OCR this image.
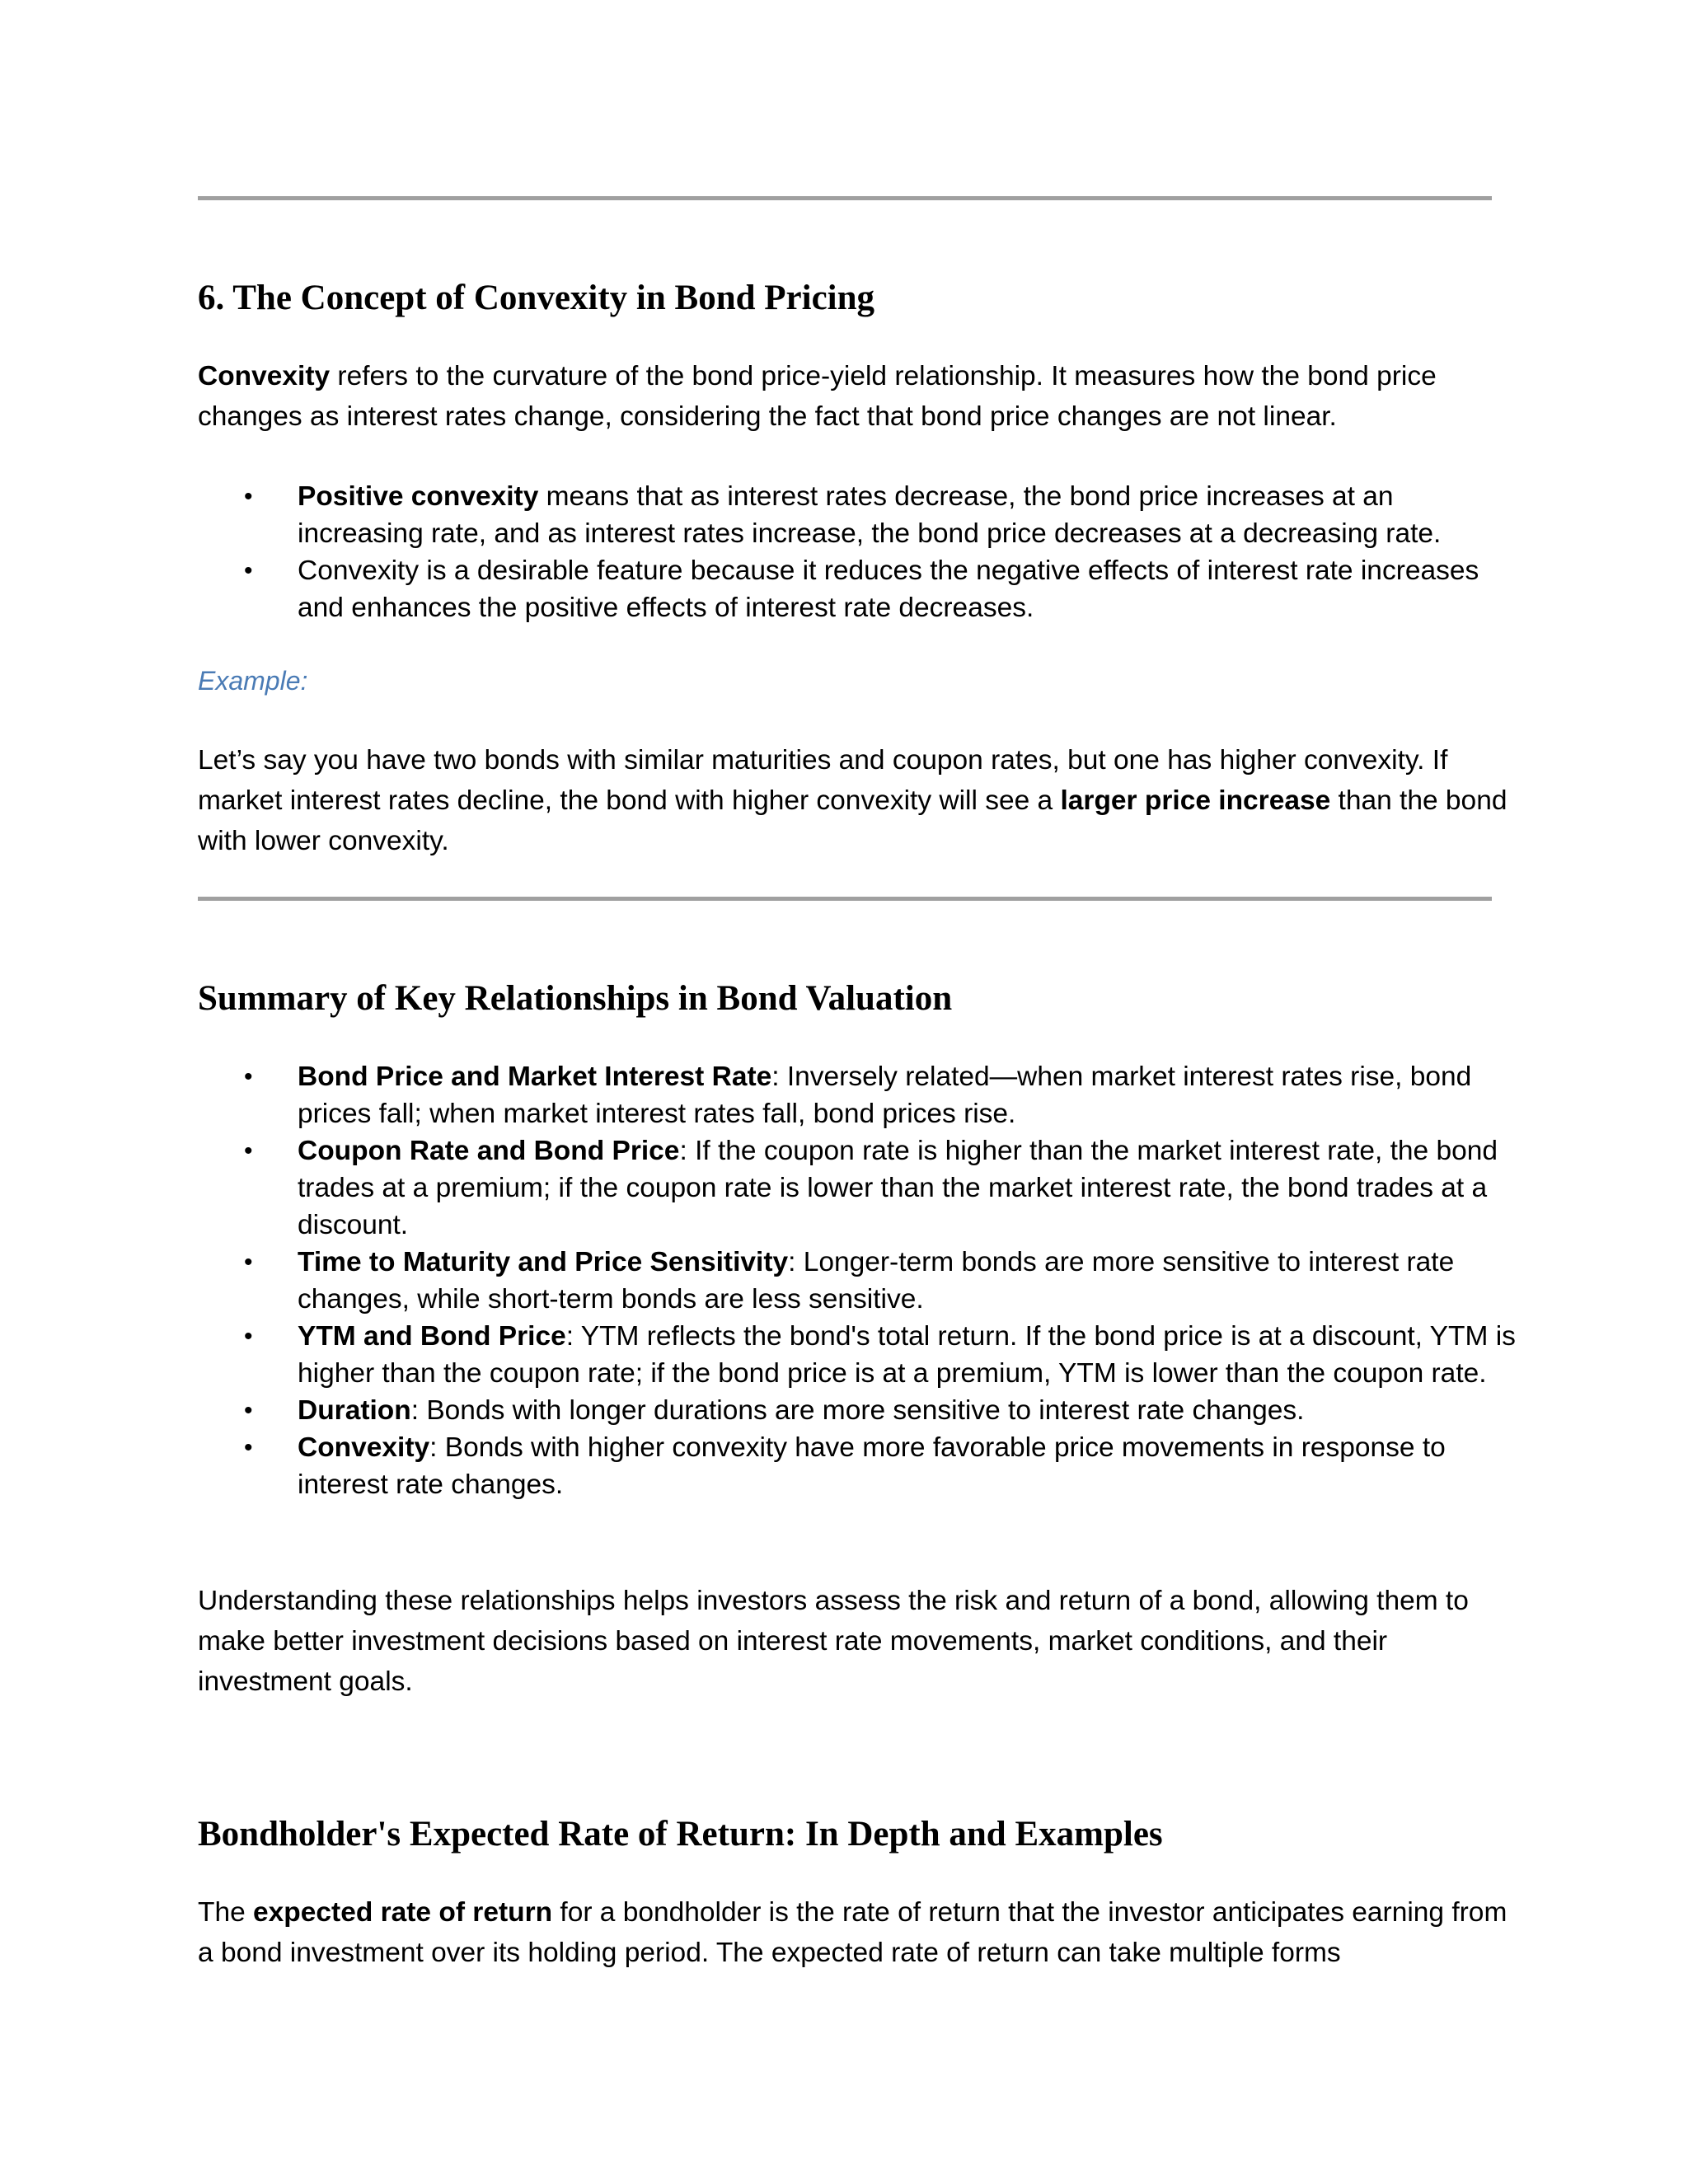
6. The Concept of Convexity in Bond Pricing

Convexity refers to the curvature of the bond price-yield relationship. It measures how the bond price changes as interest rates change, considering the fact that bond price changes are not linear.

• Positive convexity means that as interest rates decrease, the bond price increases at an increasing rate, and as interest rates increase, the bond price decreases at a decreasing rate.
• Convexity is a desirable feature because it reduces the negative effects of interest rate increases and enhances the positive effects of interest rate decreases.

Example:

Let’s say you have two bonds with similar maturities and coupon rates, but one has higher convexity. If market interest rates decline, the bond with higher convexity will see a larger price increase than the bond with lower convexity.

Summary of Key Relationships in Bond Valuation
• Bond Price and Market Interest Rate: Inversely related—when market interest rates rise, bond prices fall; when market interest rates fall, bond prices rise.
• Coupon Rate and Bond Price: If the coupon rate is higher than the market interest rate, the bond trades at a premium; if the coupon rate is lower than the market interest rate, the bond trades at a discount.
• Time to Maturity and Price Sensitivity: Longer-term bonds are more sensitive to interest rate changes, while short-term bonds are less sensitive.
• YTM and Bond Price: YTM reflects the bond's total return. If the bond price is at a discount, YTM is higher than the coupon rate; if the bond price is at a premium, YTM is lower than the coupon rate.
• Duration: Bonds with longer durations are more sensitive to interest rate changes.
• Convexity: Bonds with higher convexity have more favorable price movements in response to interest rate changes.

Understanding these relationships helps investors assess the risk and return of a bond, allowing them to make better investment decisions based on interest rate movements, market conditions, and their investment goals.

Bondholder's Expected Rate of Return: In Depth and Examples

The expected rate of return for a bondholder is the rate of return that the investor anticipates earning from a bond investment over its holding period. The expected rate of return can take multiple forms
